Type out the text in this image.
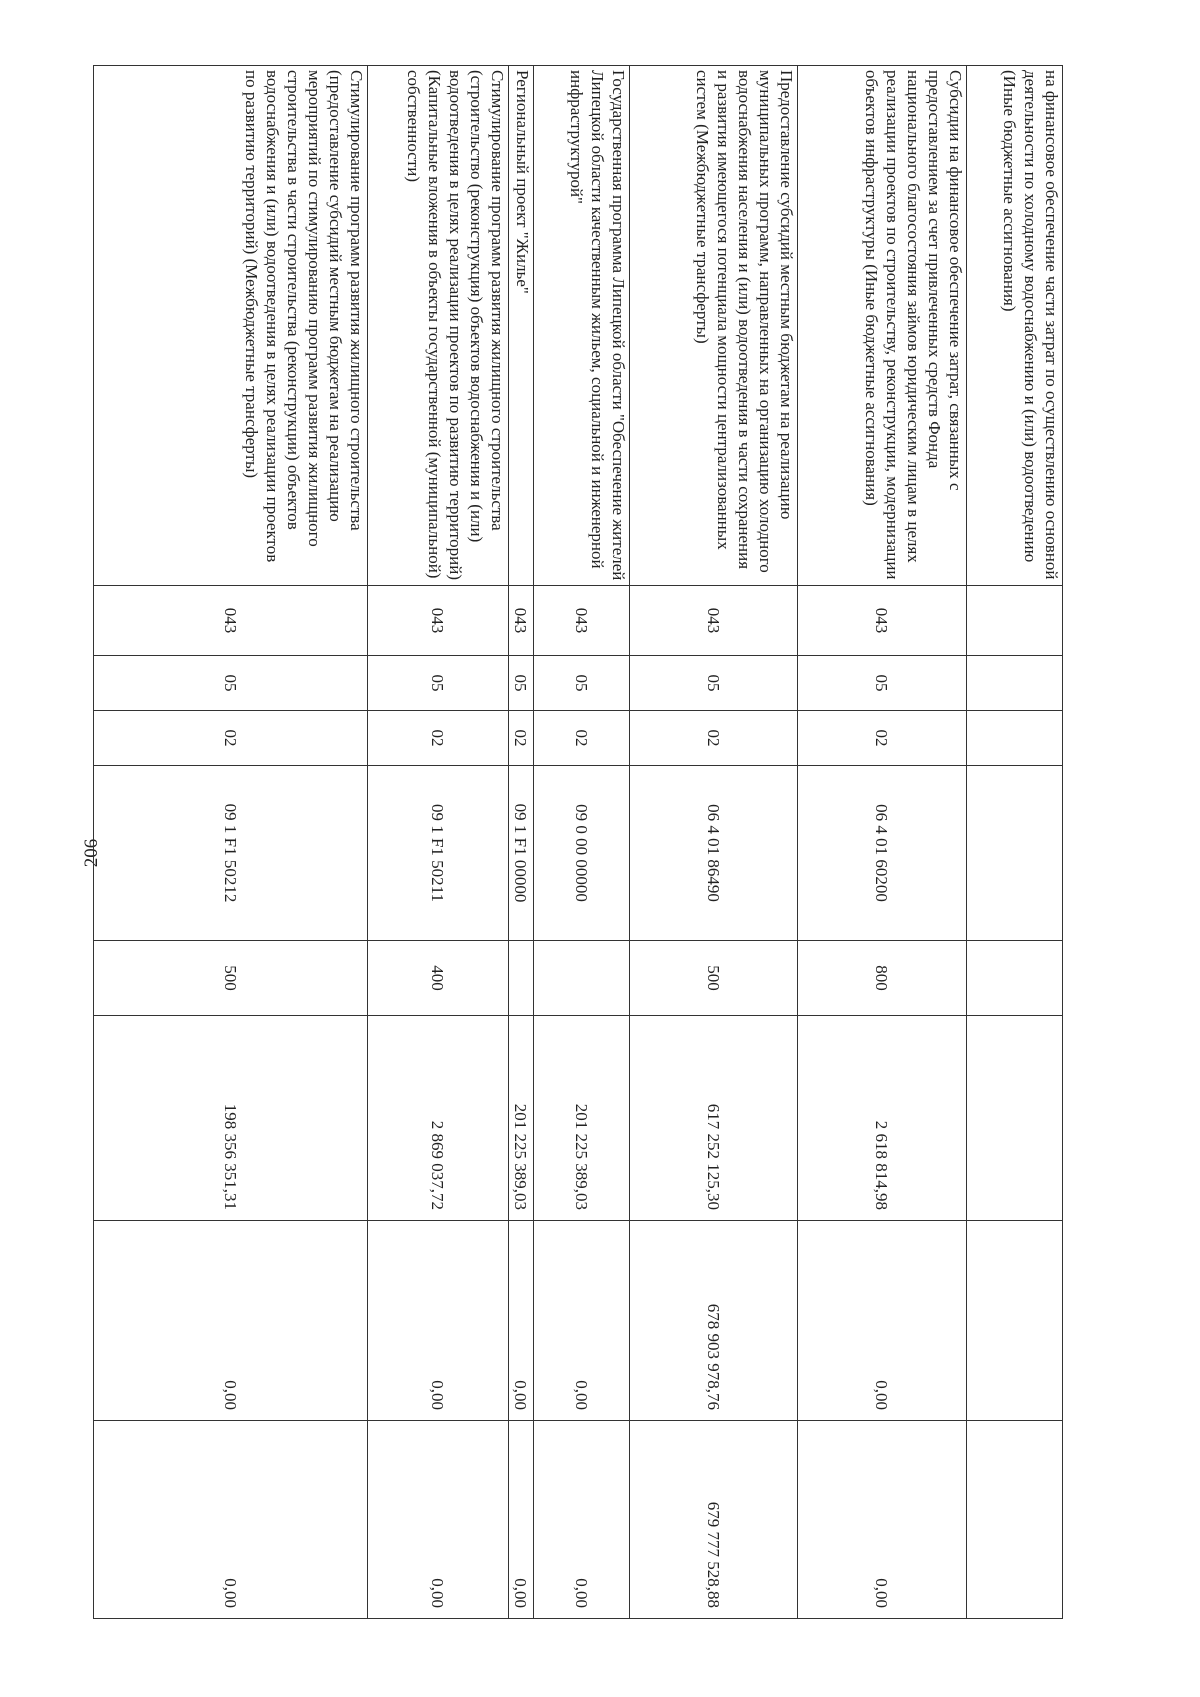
206
на финансовое обеспечение части затрат по осуществлению основной деятельности по холодному водоснабжению и (или) водоотведению (Иные бюджетные ассигнования)								
Субсидии на финансовое обеспечение затрат, связанных с предоставлением за счет привлеченных средств Фонда национального благосостояния займов юридическим лицам в целях реализации проектов по строительству, реконструкции, модернизации объектов инфраструктуры (Иные бюджетные ассигнования)	043	05	02	06 4 01 60200	800	2 618 814,98	0,00	0,00
Предоставление субсидий местным бюджетам на реализацию муниципальных программ, направленных на организацию холодного водоснабжения населения и (или) водоотведения в части сохранения и развития имеющегося потенциала мощности централизованных систем (Межбюджетные трансферты)	043	05	02	06 4 01 86490	500	617 252 125,30	678 903 978,76	679 777 528,88
Государственная программа Липецкой области "Обеспечение жителей Липецкой области качественным жильем, социальной и инженерной инфраструктурой"	043	05	02	09 0 00 00000		201 225 389,03	0,00	0,00
Региональный проект "Жилье"	043	05	02	09 1 F1 00000		201 225 389,03	0,00	0,00
Стимулирование программ развития жилищного строительства (строительство (реконструкция) объектов водоснабжения и (или) водоотведения в целях реализации проектов по развитию территорий) (Капитальные вложения в объекты государственной (муниципальной) собственности)	043	05	02	09 1 F1 50211	400	2 869 037,72	0,00	0,00
Стимулирование программ развития жилищного строительства (предоставление субсидий местным бюджетам на реализацию мероприятий по стимулированию программ развития жилищного строительства в части строительства (реконструкции) объектов водоснабжения и (или) водоотведения в целях реализации проектов по развитию территорий) (Межбюджетные трансферты)	043	05	02	09 1 F1 50212	500	198 356 351,31	0,00	0,00
